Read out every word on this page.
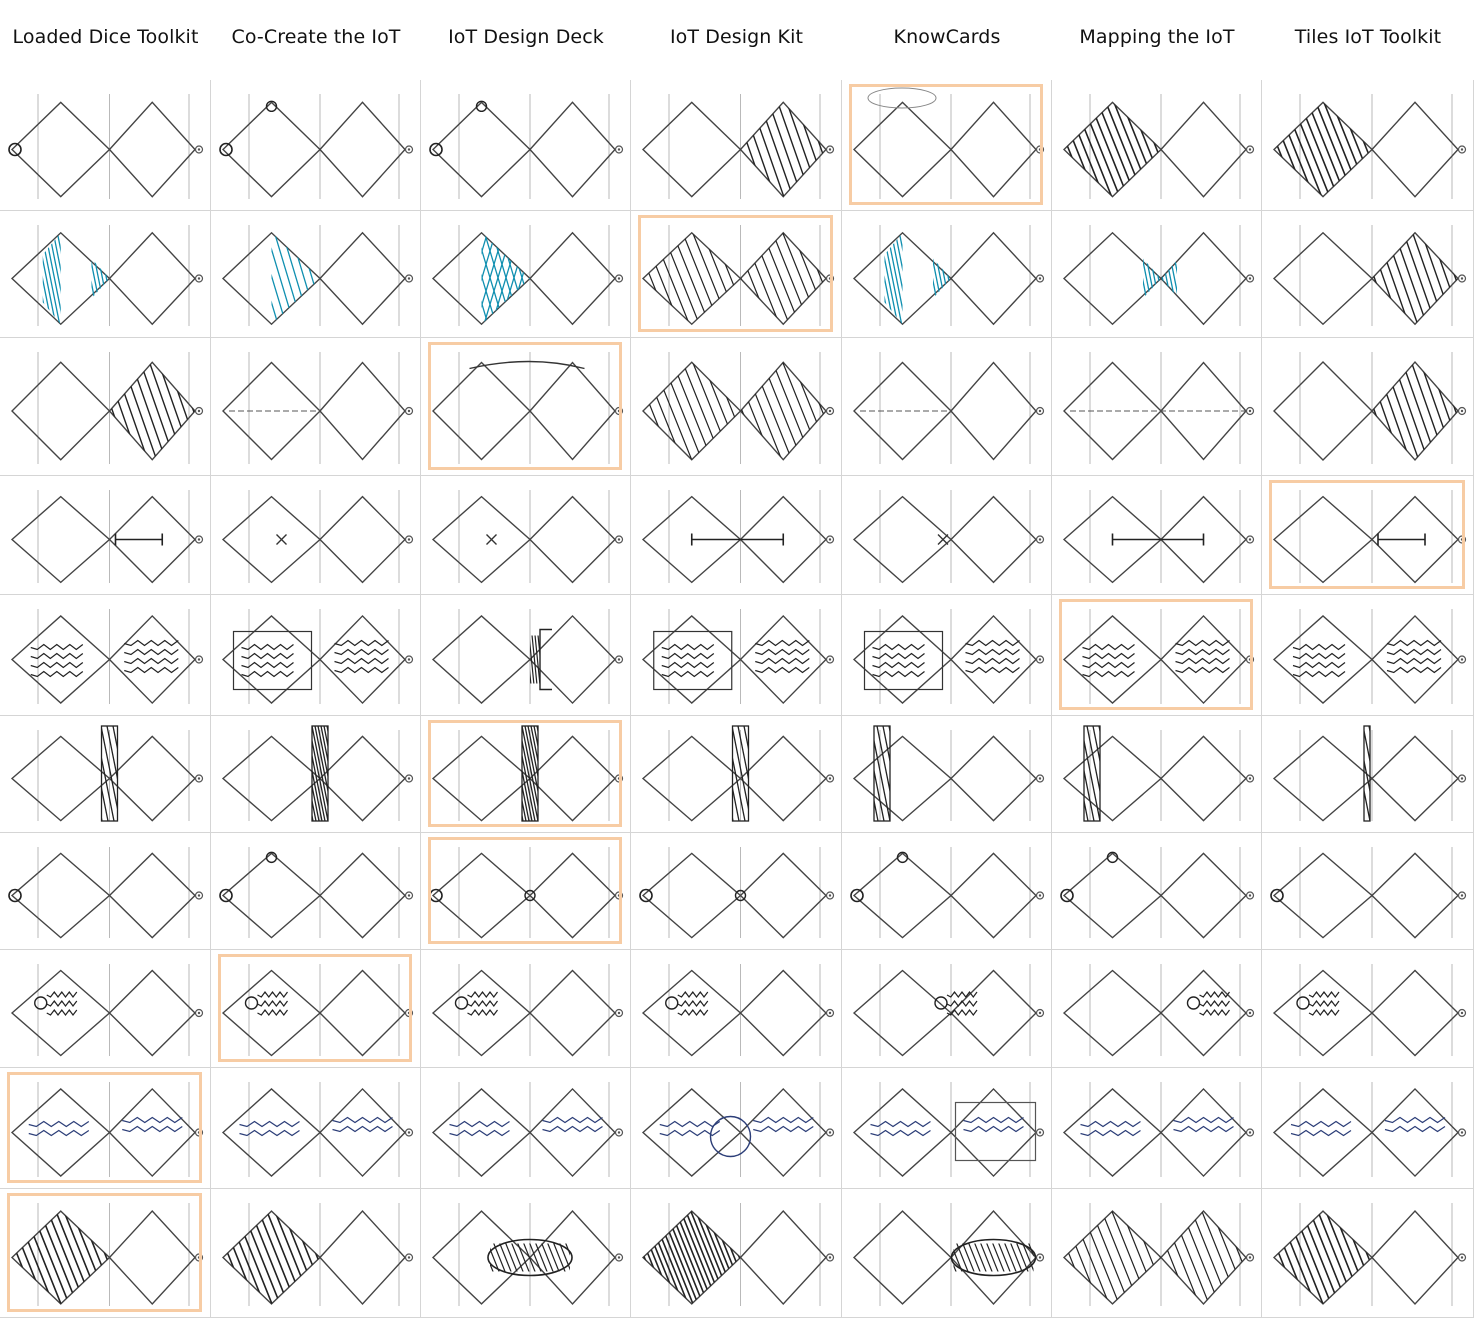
Loaded Dice Toolkit	Co-Create the IoT	IoT Design Deck	IoT Design Kit	KnowCards	Mapping the IoT	Tiles IoT Toolkit
